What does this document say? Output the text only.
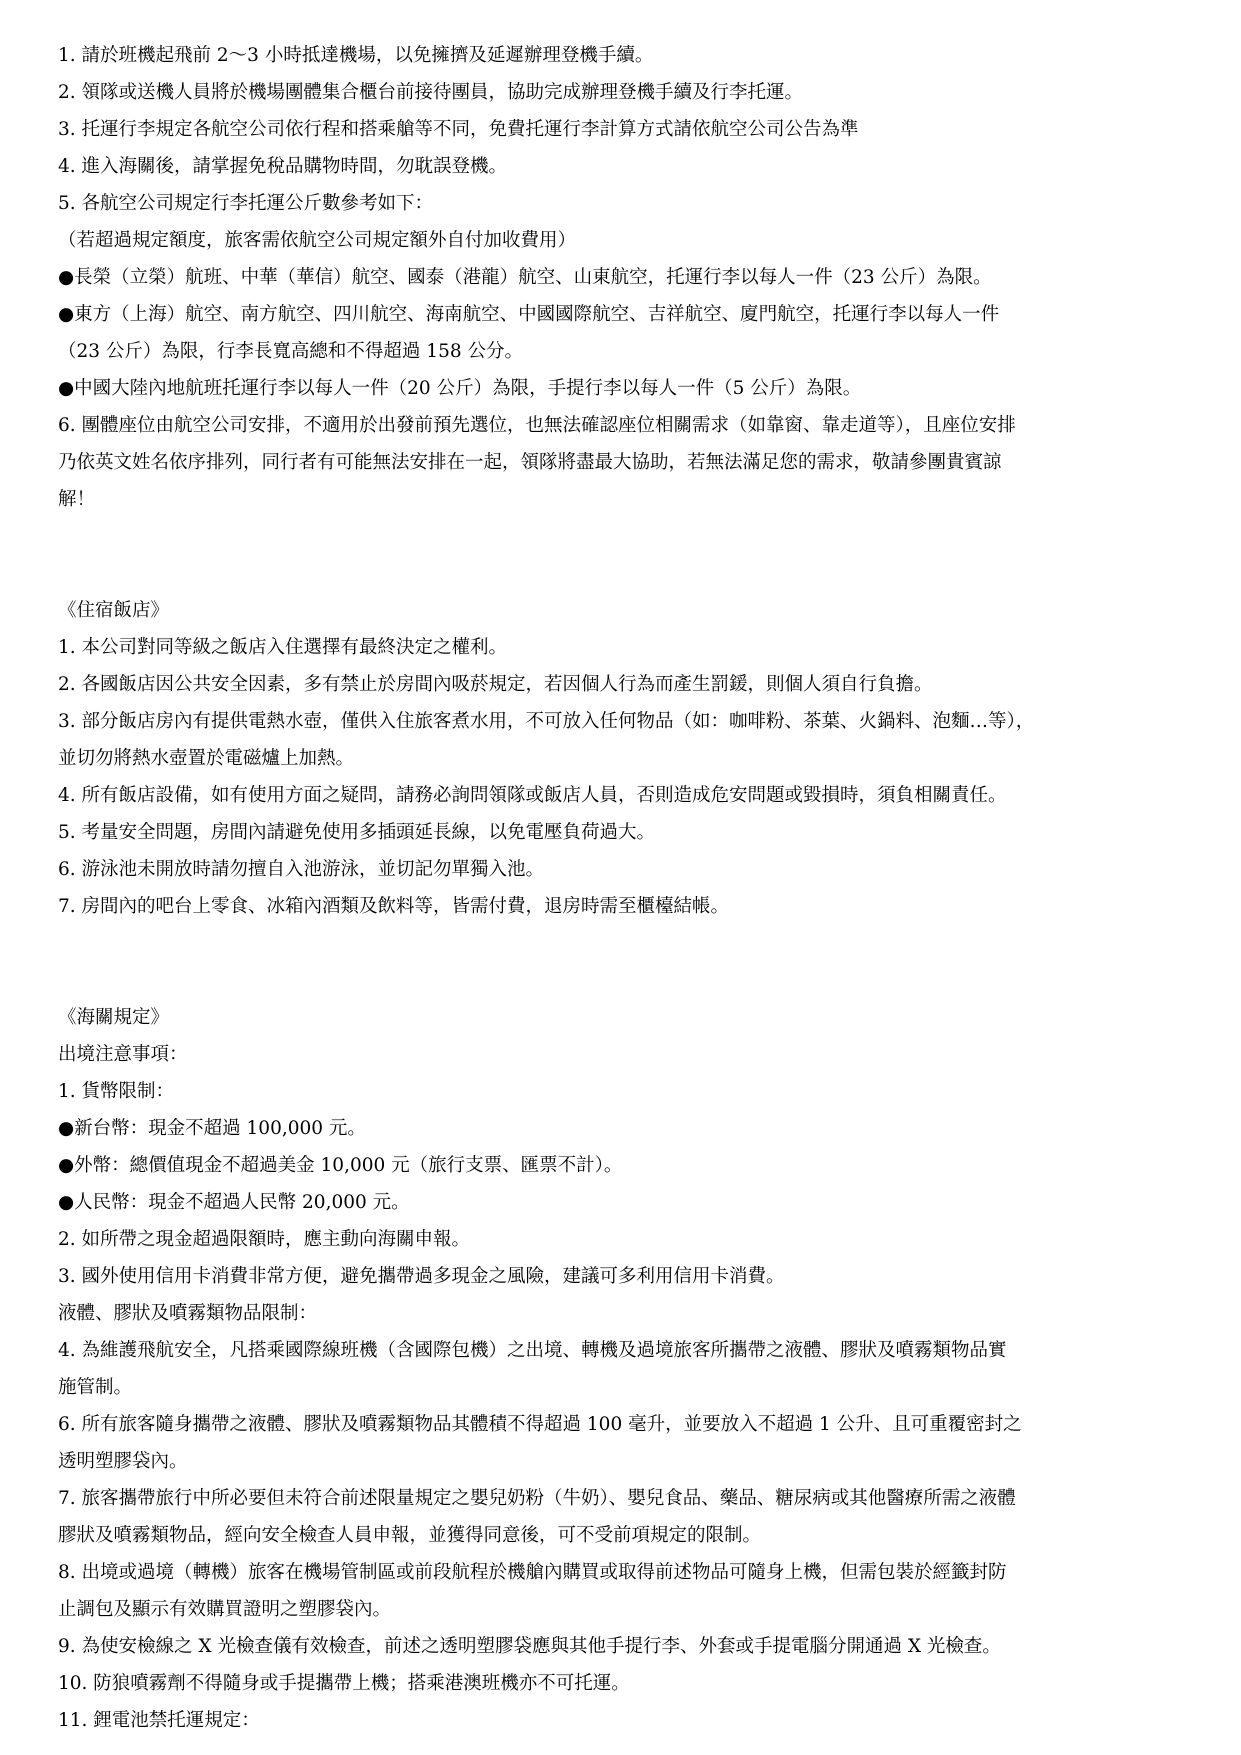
1. 請於班機起飛前 2～3 小時抵達機場，以免擁擠及延遲辦理登機手續。
2. 領隊或送機人員將於機場團體集合櫃台前接待團員，協助完成辦理登機手續及行李托運。
3. 托運行李規定各航空公司依行程和搭乘艙等不同，免費托運行李計算方式請依航空公司公告為準
4. 進入海關後，請掌握免稅品購物時間，勿耽誤登機。
5. 各航空公司規定行李托運公斤數參考如下：
（若超過規定額度，旅客需依航空公司規定額外自付加收費用）
●長榮（立榮）航班、中華（華信）航空、國泰（港龍）航空、山東航空，托運行李以每人一件（23 公斤）為限。
●東方（上海）航空、南方航空、四川航空、海南航空、中國國際航空、吉祥航空、廈門航空，托運行李以每人一件
（23 公斤）為限，行李長寬高總和不得超過 158 公分。
●中國大陸內地航班托運行李以每人一件（20 公斤）為限，手提行李以每人一件（5 公斤）為限。
6. 團體座位由航空公司安排，不適用於出發前預先選位，也無法確認座位相關需求（如靠窗、靠走道等），且座位安排
乃依英文姓名依序排列，同行者有可能無法安排在一起，領隊將盡最大協助，若無法滿足您的需求，敬請參團貴賓諒
解！
《住宿飯店》
1. 本公司對同等級之飯店入住選擇有最終決定之權利。
2. 各國飯店因公共安全因素，多有禁止於房間內吸菸規定，若因個人行為而產生罰鍰，則個人須自行負擔。
3. 部分飯店房內有提供電熱水壺，僅供入住旅客煮水用，不可放入任何物品（如：咖啡粉、茶葉、火鍋料、泡麵…等），
並切勿將熱水壺置於電磁爐上加熱。
4. 所有飯店設備，如有使用方面之疑問，請務必詢問領隊或飯店人員，否則造成危安問題或毀損時，須負相關責任。
5. 考量安全問題，房間內請避免使用多插頭延長線，以免電壓負荷過大。
6. 游泳池未開放時請勿擅自入池游泳，並切記勿單獨入池。
7. 房間內的吧台上零食、冰箱內酒類及飲料等，皆需付費，退房時需至櫃檯結帳。
《海關規定》
出境注意事項：
1. 貨幣限制：
●新台幣：現金不超過 100,000 元。
●外幣：總價值現金不超過美金 10,000 元（旅行支票、匯票不計）。
●人民幣：現金不超過人民幣 20,000 元。
2. 如所帶之現金超過限額時，應主動向海關申報。
3. 國外使用信用卡消費非常方便，避免攜帶過多現金之風險，建議可多利用信用卡消費。
液體、膠狀及噴霧類物品限制：
4. 為維護飛航安全，凡搭乘國際線班機（含國際包機）之出境、轉機及過境旅客所攜帶之液體、膠狀及噴霧類物品實
施管制。
6. 所有旅客隨身攜帶之液體、膠狀及噴霧類物品其體積不得超過 100 毫升，並要放入不超過 1 公升、且可重覆密封之
透明塑膠袋內。
7. 旅客攜帶旅行中所必要但未符合前述限量規定之嬰兒奶粉（牛奶）、嬰兒食品、藥品、糖尿病或其他醫療所需之液體
膠狀及噴霧類物品，經向安全檢查人員申報，並獲得同意後，可不受前項規定的限制。
8. 出境或過境（轉機）旅客在機場管制區或前段航程於機艙內購買或取得前述物品可隨身上機，但需包裝於經籤封防
止調包及顯示有效購買證明之塑膠袋內。
9. 為使安檢線之 X 光檢查儀有效檢查，前述之透明塑膠袋應與其他手提行李、外套或手提電腦分開通過 X 光檢查。
10. 防狼噴霧劑不得隨身或手提攜帶上機；搭乘港澳班機亦不可托運。
11. 鋰電池禁托運規定：
